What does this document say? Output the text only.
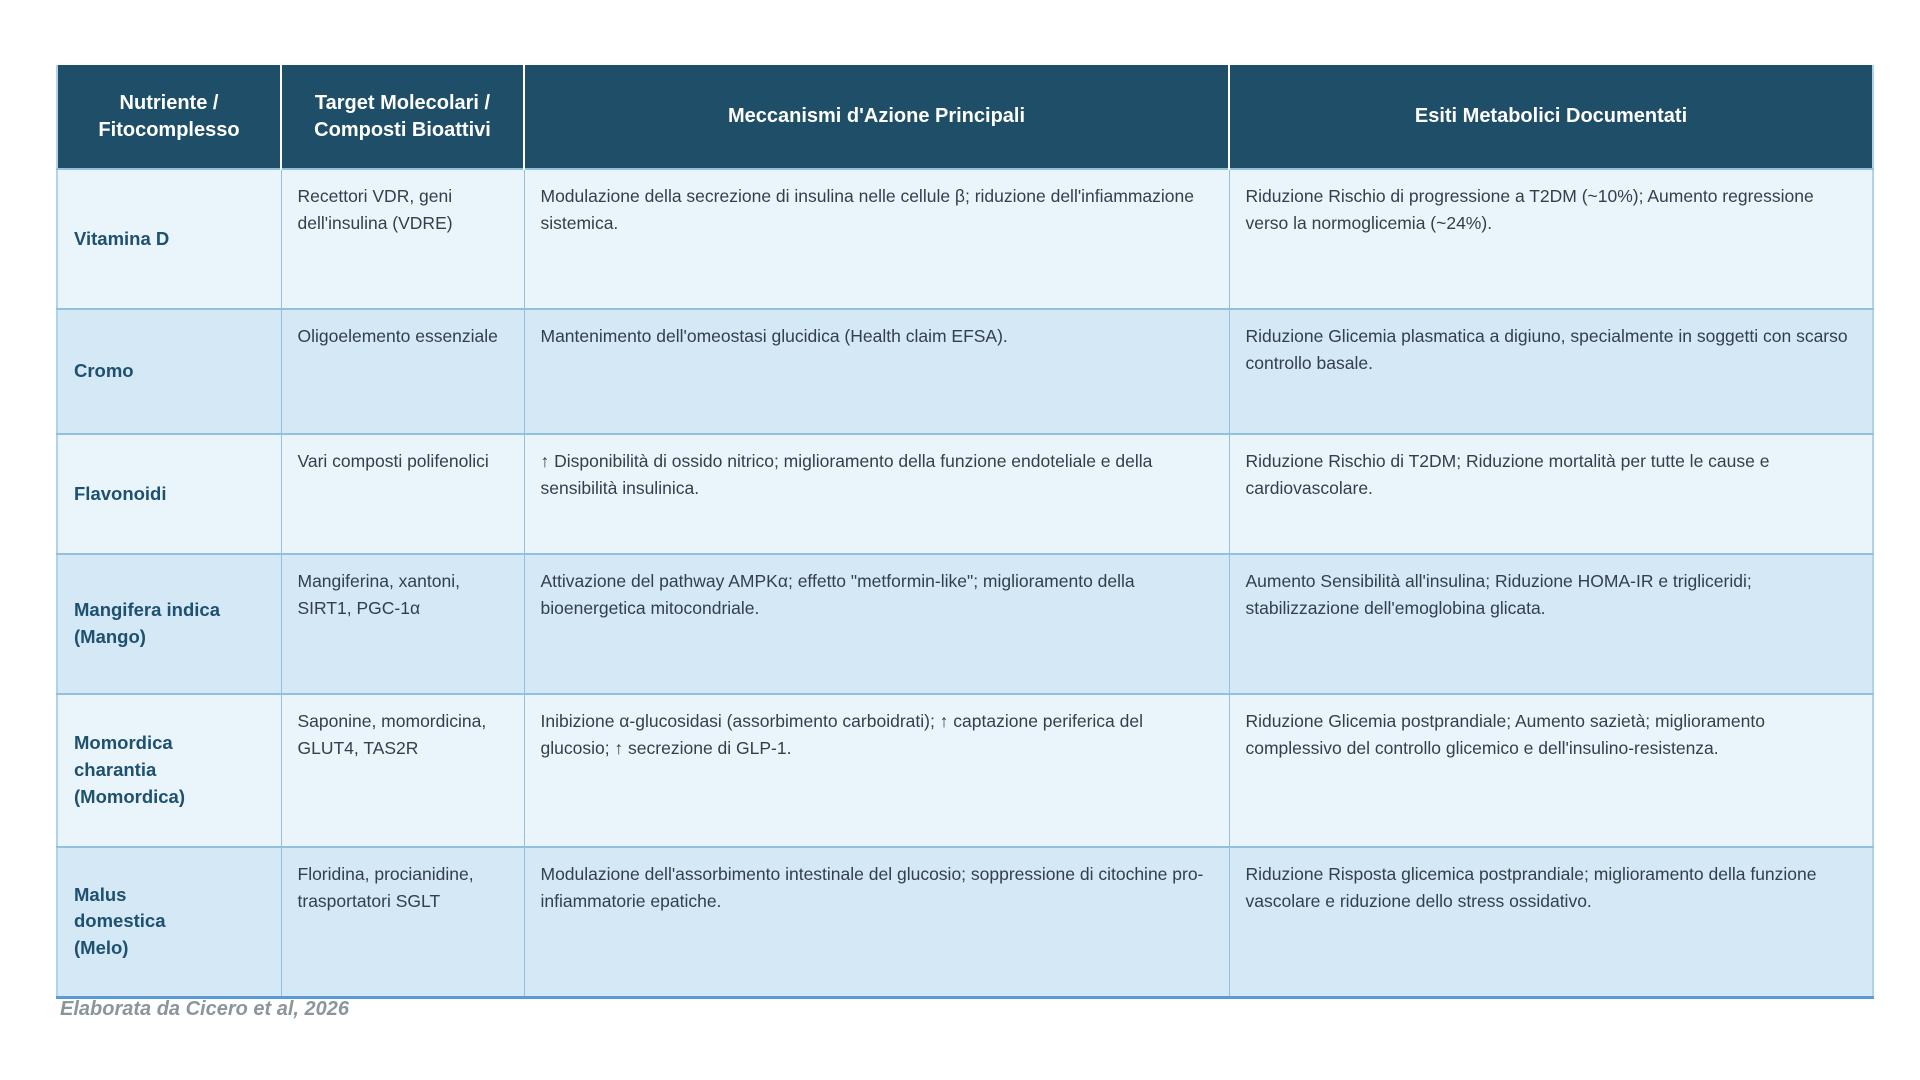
Nutriente / Fitocomplesso	Target Molecolari / Composti Bioattivi	Meccanismi d'Azione Principali	Esiti Metabolici Documentati
Vitamina D	Recettori VDR, geni dell'insulina (VDRE)	Modulazione della secrezione di insulina nelle cellule β; riduzione dell'infiammazione sistemica.	Riduzione Rischio di progressione a T2DM (~10%); Aumento regressione verso la normoglicemia (~24%).
Cromo	Oligoelemento essenziale	Mantenimento dell'omeostasi glucidica (Health claim EFSA).	Riduzione Glicemia plasmatica a digiuno, specialmente in soggetti con scarso controllo basale.
Flavonoidi	Vari composti polifenolici	↑ Disponibilità di ossido nitrico; miglioramento della funzione endoteliale e della sensibilità insulinica.	Riduzione Rischio di T2DM; Riduzione mortalità per tutte le cause e cardiovascolare.
Mangifera indica (Mango)	Mangiferina, xantoni, SIRT1, PGC-1α	Attivazione del pathway AMPKα; effetto "metformin-like"; miglioramento della bioenergetica mitocondriale.	Aumento Sensibilità all'insulina; Riduzione HOMA-IR e trigliceridi; stabilizzazione dell'emoglobina glicata.
Momordica charantia (Momordica)	Saponine, momordicina, GLUT4, TAS2R	Inibizione α-glucosidasi (assorbimento carboidrati); ↑ captazione periferica del glucosio; ↑ secrezione di GLP-1.	Riduzione Glicemia postprandiale; Aumento sazietà; miglioramento complessivo del controllo glicemico e dell'insulino-resistenza.
Malus domestica (Melo)	Floridina, procianidine, trasportatori SGLT	Modulazione dell'assorbimento intestinale del glucosio; soppressione di citochine pro-infiammatorie epatiche.	Riduzione Risposta glicemica postprandiale; miglioramento della funzione vascolare e riduzione dello stress ossidativo.
Elaborata da Cicero et al, 2026
